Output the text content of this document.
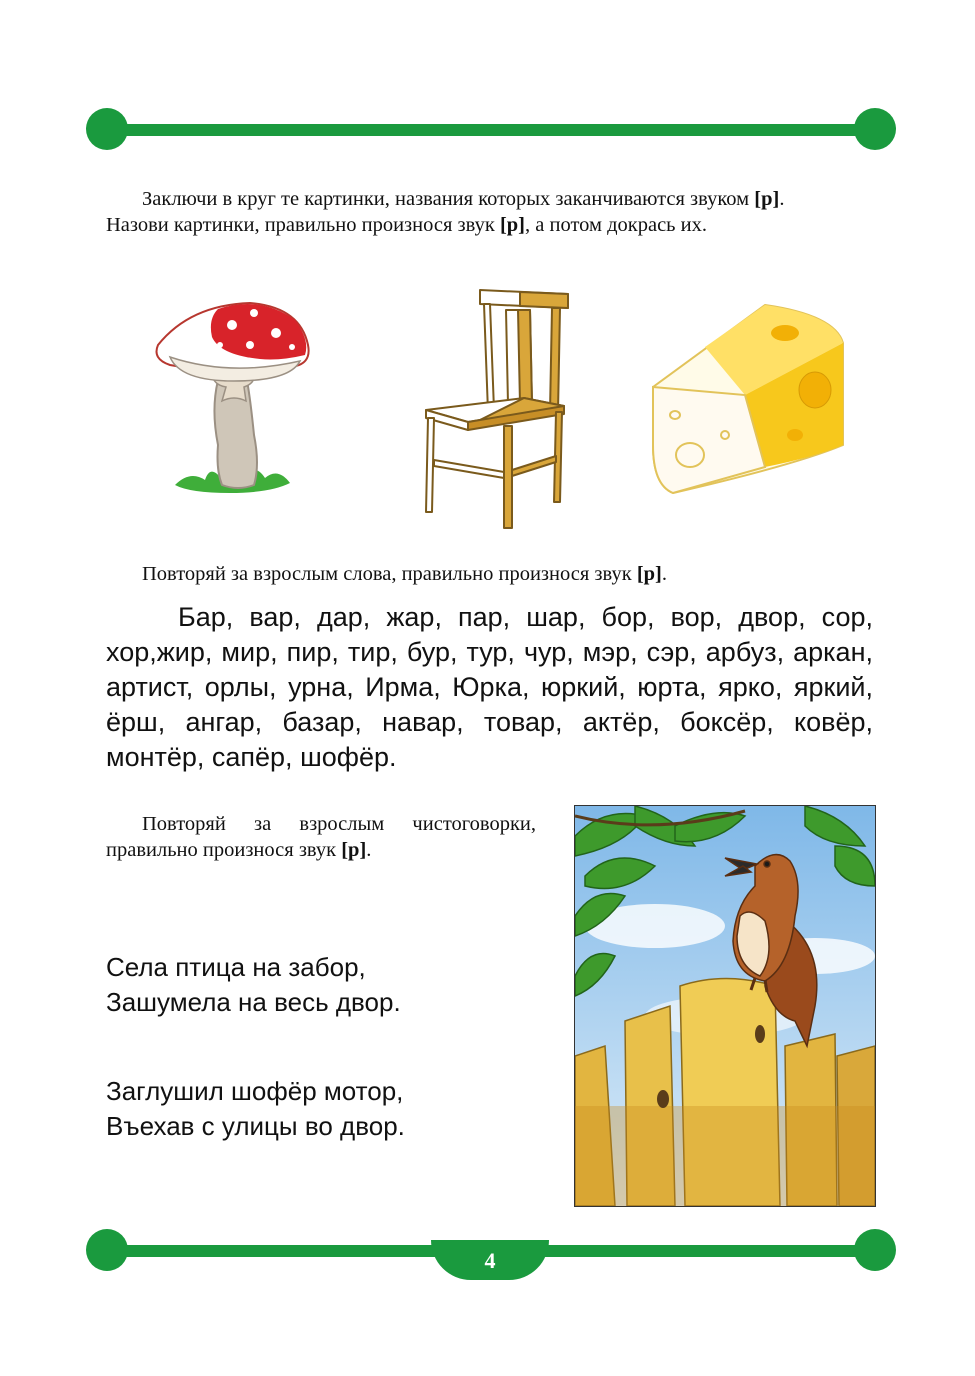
Заключи в круг те картинки, названия которых заканчиваются звуком [р].
Назови картинки, правильно произнося звук [р], а потом докрась их.
Повторяй за взрослым слова, правильно произнося звук [р].
Бар, вар, дар, жар, пар, шар, бор, вор, двор, сор, хор,жир, мир, пир, тир, бур, тур, чур, мэр, сэр, арбуз, аркан, артист, орлы, урна, Ирма, Юрка, юркий, юрта, ярко, яркий, ёрш, ангар, базар, навар, товар, актёр, боксёр, ковёр, монтёр, сапёр, шофёр.
Повторяй за взрослым чистоговорки,
правильно произнося звук [р].
Села птица на забор,
Зашумела на весь двор.
Заглушил шофёр мотор,
Въехав с улицы во двор.
4
